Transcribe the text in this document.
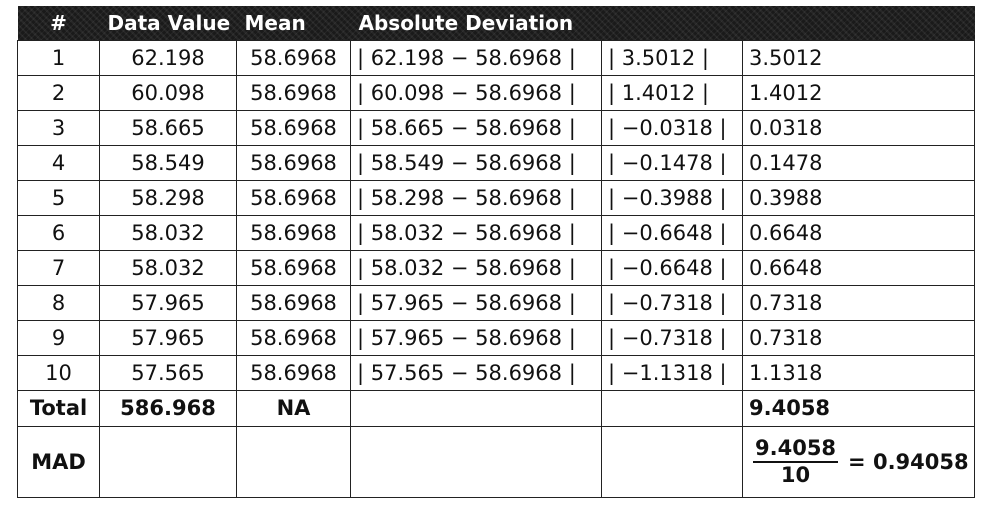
#	Data Value	Mean	Absolute Deviation		
1	62.198	58.6968	| 62.198 − 58.6968 |	| 3.5012 |	3.5012
2	60.098	58.6968	| 60.098 − 58.6968 |	| 1.4012 |	1.4012
3	58.665	58.6968	| 58.665 − 58.6968 |	| −0.0318 |	0.0318
4	58.549	58.6968	| 58.549 − 58.6968 |	| −0.1478 |	0.1478
5	58.298	58.6968	| 58.298 − 58.6968 |	| −0.3988 |	0.3988
6	58.032	58.6968	| 58.032 − 58.6968 |	| −0.6648 |	0.6648
7	58.032	58.6968	| 58.032 − 58.6968 |	| −0.6648 |	0.6648
8	57.965	58.6968	| 57.965 − 58.6968 |	| −0.7318 |	0.7318
9	57.965	58.6968	| 57.965 − 58.6968 |	| −0.7318 |	0.7318
10	57.565	58.6968	| 57.565 − 58.6968 |	| −1.1318 |	1.1318
Total	586.968	NA			9.4058
MAD					$\frac{9.4058}{10} = 0.94058$
